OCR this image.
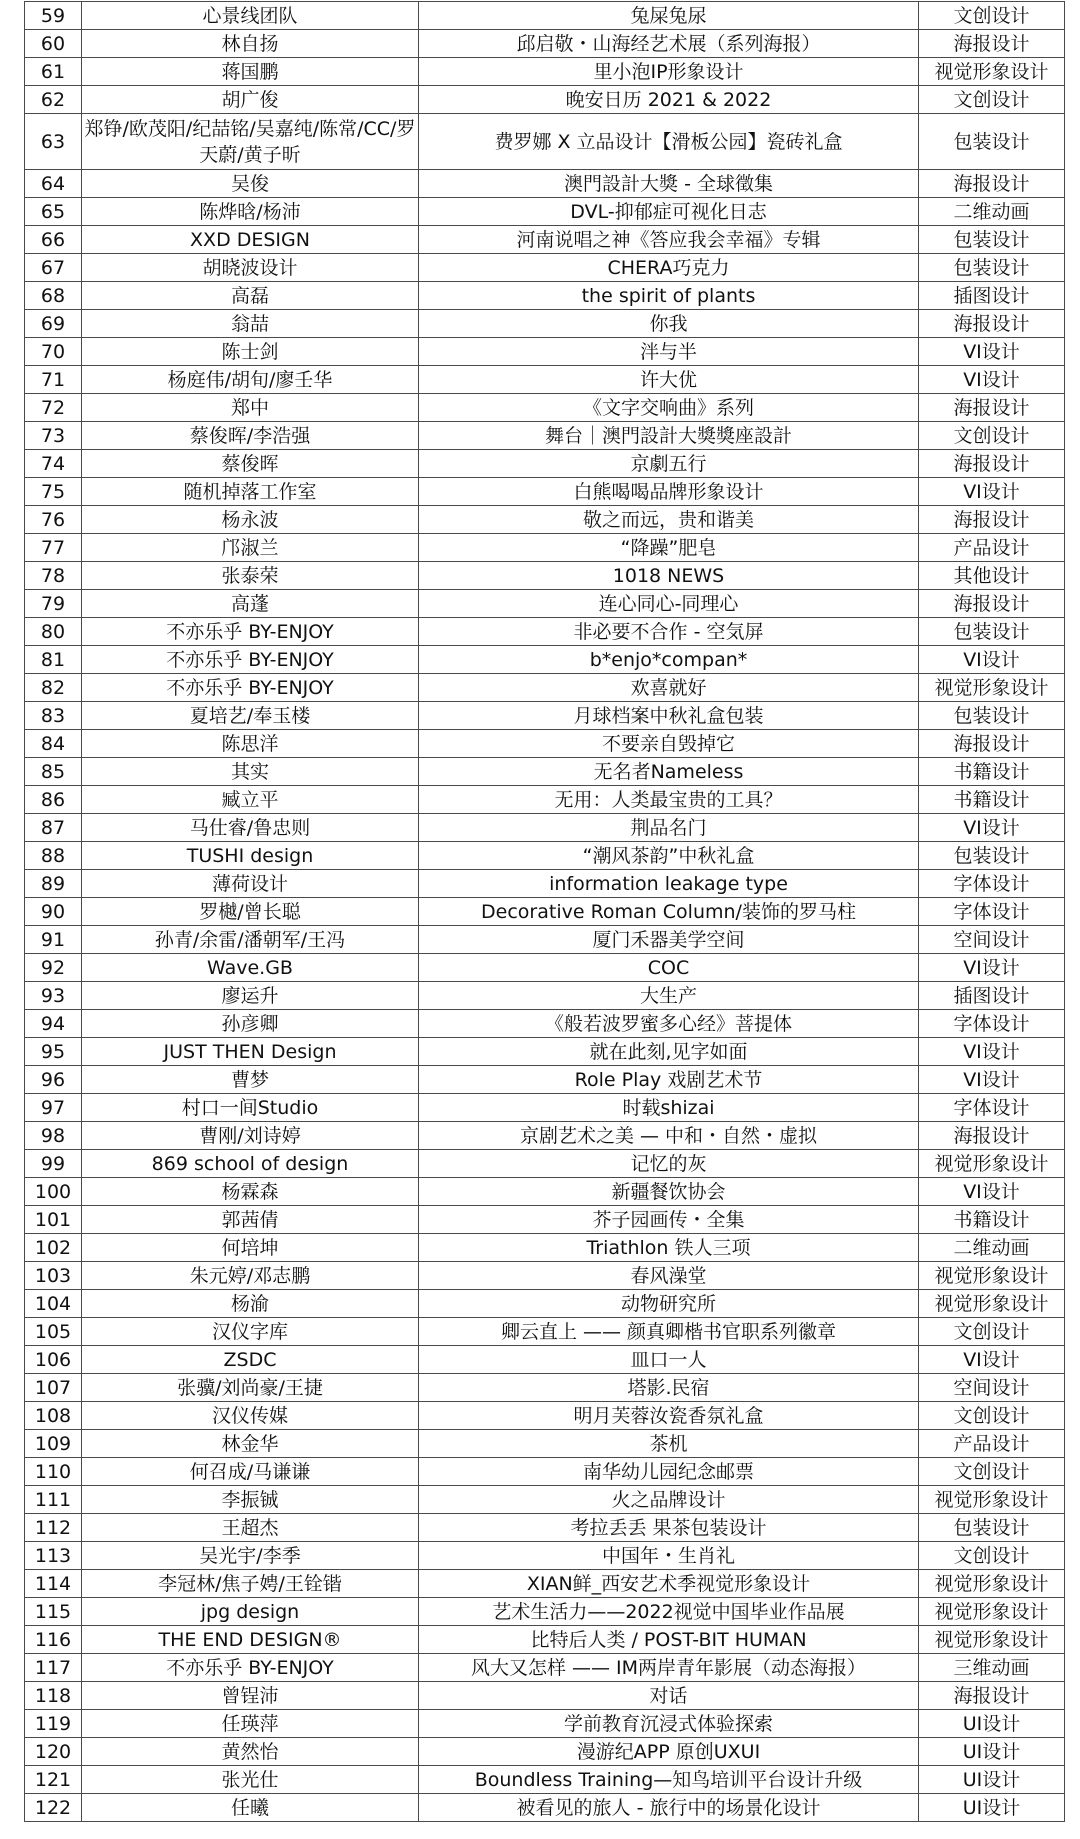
59	心景线团队	兔屎兔尿	文创设计
60	林自扬	邱启敬・山海经艺术展（系列海报）	海报设计
61	蒋国鹏	里小泡IP形象设计	视觉形象设计
62	胡广俊	晚安日历 2021 & 2022	文创设计
63	郑铮/欧茂阳/纪喆铭/吴嘉纯/陈常/CC/罗天蔚/黄子昕	费罗娜 X 立品设计【滑板公园】瓷砖礼盒	包装设计
64	吴俊	澳門設計大獎 - 全球徵集	海报设计
65	陈烨晗/杨沛	DVL-抑郁症可视化日志	二维动画
66	XXD DESIGN	河南说唱之神《答应我会幸福》专辑	包装设计
67	胡晓波设计	CHERA巧克力	包装设计
68	高磊	the spirit of plants	插图设计
69	翁喆	你我	海报设计
70	陈士剑	泮与半	VI设计
71	杨庭伟/胡旬/廖壬华	许大优	VI设计
72	郑中	《文字交响曲》系列	海报设计
73	蔡俊晖/李浩强	舞台｜澳門設計大獎獎座設計	文创设计
74	蔡俊晖	京劇五行	海报设计
75	随机掉落工作室	白熊喝喝品牌形象设计	VI设计
76	杨永波	敬之而远，贵和谐美	海报设计
77	邝淑兰	“降躁”肥皂	产品设计
78	张泰荣	1018 NEWS	其他设计
79	高蓬	连心同心-同理心	海报设计
80	不亦乐乎 BY-ENJOY	非必要不合作 - 空気屏	包装设计
81	不亦乐乎 BY-ENJOY	b*enjo*compan*	VI设计
82	不亦乐乎 BY-ENJOY	欢喜就好	视觉形象设计
83	夏培艺/奉玉楼	月球档案中秋礼盒包装	包装设计
84	陈思洋	不要亲自毁掉它	海报设计
85	其实	无名者Nameless	书籍设计
86	臧立平	无用：人类最宝贵的工具？	书籍设计
87	马仕睿/鲁忠则	荆品名门	VI设计
88	TUSHI design	“潮风茶韵”中秋礼盒	包装设计
89	薄荷设计	information leakage type	字体设计
90	罗樾/曾长聪	Decorative Roman Column/装饰的罗马柱	字体设计
91	孙青/余雷/潘朝军/王冯	厦门禾器美学空间	空间设计
92	Wave.GB	COC	VI设计
93	廖运升	大生产	插图设计
94	孙彦卿	《般若波罗蜜多心经》菩提体	字体设计
95	JUST THEN Design	就在此刻,见字如面	VI设计
96	曹梦	Role Play 戏剧艺术节	VI设计
97	村口一间Studio	时载shizai	字体设计
98	曹刚/刘诗婷	京剧艺术之美 — 中和・自然・虚拟	海报设计
99	869 school of design	记忆的灰	视觉形象设计
100	杨霖森	新疆餐饮协会	VI设计
101	郭茜倩	芥子园画传・全集	书籍设计
102	何培坤	Triathlon 铁人三项	二维动画
103	朱元婷/邓志鹏	春风澡堂	视觉形象设计
104	杨渝	动物研究所	视觉形象设计
105	汉仪字库	卿云直上 —— 颜真卿楷书官职系列徽章	文创设计
106	ZSDC	皿口一人	VI设计
107	张骥/刘尚豪/王捷	塔影.民宿	空间设计
108	汉仪传媒	明月芙蓉汝瓷香氛礼盒	文创设计
109	林金华	茶机	产品设计
110	何召成/马谦谦	南华幼儿园纪念邮票	文创设计
111	李振铖	火之品牌设计	视觉形象设计
112	王超杰	考拉丢丢 果茶包装设计	包装设计
113	吴光宇/李季	中国年・生肖礼	文创设计
114	李冠林/焦子娉/王铨锴	XIAN鲜_西安艺术季视觉形象设计	视觉形象设计
115	jpg design	艺术生活力——2022视觉中国毕业作品展	视觉形象设计
116	THE END DESIGN®	比特后人类 / POST-BIT HUMAN	视觉形象设计
117	不亦乐乎 BY-ENJOY	风大又怎样 —— IM两岸青年影展（动态海报）	三维动画
118	曾锃沛	对话	海报设计
119	任瑛萍	学前教育沉浸式体验探索	UI设计
120	黄然怡	漫游纪APP 原创UXUI	UI设计
121	张光仕	Boundless Training—知鸟培训平台设计升级	UI设计
122	任曦	被看见的旅人 - 旅行中的场景化设计	UI设计
